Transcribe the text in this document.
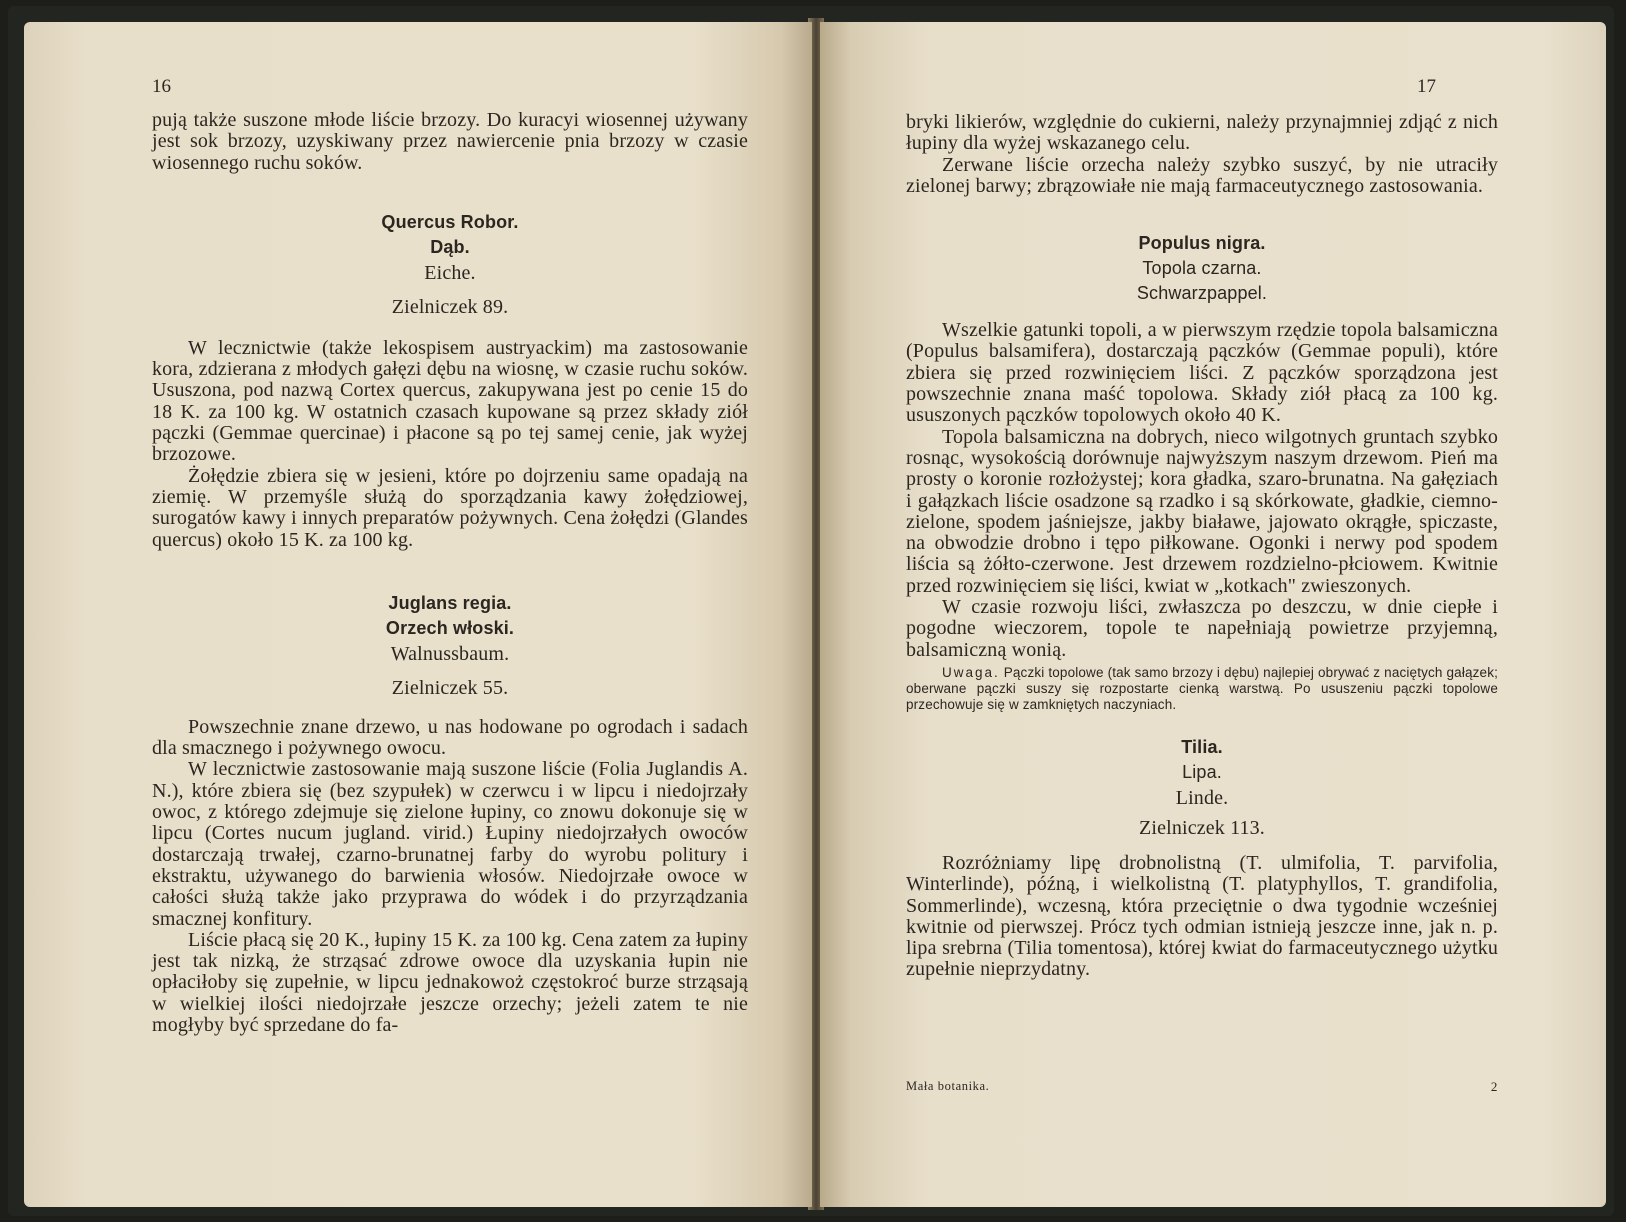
16

pują także suszone młode liście brzozy. Do kuracyi wiosennej używany jest sok brzozy, uzyskiwany przez nawiercenie pnia brzozy w czasie wiosennego ruchu soków.

Quercus Robor.
Dąb.
Eiche.
Zielniczek 89.

W lecznictwie (także lekospisem austryackim) ma zastosowanie kora, zdzierana z młodych gałęzi dębu na wiosnę, w czasie ruchu soków. Ususzona, pod nazwą Cortex quercus, zakupywana jest po cenie 15 do 18 K. za 100 kg. W ostatnich czasach kupowane są przez składy ziół pączki (Gemmae quercinae) i płacone są po tej samej cenie, jak wyżej brzozowe.

Żołędzie zbiera się w jesieni, które po dojrzeniu same opadają na ziemię. W przemyśle służą do sporządzania kawy żołędziowej, surogatów kawy i innych preparatów pożywnych. Cena żołędzi (Glandes quercus) około 15 K. za 100 kg.

Juglans regia.
Orzech włoski.
Walnussbaum.
Zielniczek 55.

Powszechnie znane drzewo, u nas hodowane po ogrodach i sadach dla smacznego i pożywnego owocu.

W lecznictwie zastosowanie mają suszone liście (Folia Juglandis A. N.), które zbiera się (bez szypułek) w czerwcu i w lipcu i niedojrzały owoc, z którego zdejmuje się zielone łupiny, co znowu dokonuje się w lipcu (Cortes nucum jugland. virid.) Łupiny niedojrzałych owoców dostarczają trwałej, czarno-brunatnej farby do wyrobu politury i ekstraktu, używanego do barwienia włosów. Niedojrzałe owoce w całości służą także jako przyprawa do wódek i do przyrządzania smacznej konfitury.

Liście płacą się 20 K., łupiny 15 K. za 100 kg. Cena zatem za łupiny jest tak nizką, że strząsać zdrowe owoce dla uzyskania łupin nie opłaciłoby się zupełnie, w lipcu jednakowoż częstokroć burze strząsają w wielkiej ilości niedojrzałe jeszcze orzechy; jeżeli zatem te nie mogłyby być sprzedane do fa-

17

bryki likierów, względnie do cukierni, należy przynajmniej zdjąć z nich łupiny dla wyżej wskazanego celu.

Zerwane liście orzecha należy szybko suszyć, by nie utraciły zielonej barwy; zbrązowiałe nie mają farmaceutycznego zastosowania.

Populus nigra.
Topola czarna.
Schwarzpappel.

Wszelkie gatunki topoli, a w pierwszym rzędzie topola balsamiczna (Populus balsamifera), dostarczają pączków (Gemmae populi), które zbiera się przed rozwinięciem liści. Z pączków sporządzona jest powszechnie znana maść topolowa. Składy ziół płacą za 100 kg. ususzonych pączków topolowych około 40 K.

Topola balsamiczna na dobrych, nieco wilgotnych gruntach szybko rosnąc, wysokością dorównuje najwyższym naszym drzewom. Pień ma prosty o koronie rozłożystej; kora gładka, szaro-brunatna. Na gałęziach i gałązkach liście osadzone są rzadko i są skórkowate, gładkie, ciemno-zielone, spodem jaśniejsze, jakby białawe, jajowato okrągłe, spiczaste, na obwodzie drobno i tępo piłkowane. Ogonki i nerwy pod spodem liścia są żółto-czerwone. Jest drzewem rozdzielno-płciowem. Kwitnie przed rozwinięciem się liści, kwiat w „kotkach" zwieszonych.

W czasie rozwoju liści, zwłaszcza po deszczu, w dnie ciepłe i pogodne wieczorem, topole te napełniają powietrze przyjemną, balsamiczną wonią.

Uwaga. Pączki topolowe (tak samo brzozy i dębu) najlepiej obrywać z naciętych gałązek; oberwane pączki suszy się rozpostarte cienką warstwą. Po ususzeniu pączki topolowe przechowuje się w zamkniętych naczyniach.
Tilia.
Lipa.
Linde.
Zielniczek 113.

Rozróżniamy lipę drobnolistną (T. ulmifolia, T. parvifolia, Winterlinde), późną, i wielkolistną (T. platyphyllos, T. grandifolia, Sommerlinde), wczesną, która przeciętnie o dwa tygodnie wcześniej kwitnie od pierwszej. Prócz tych odmian istnieją jeszcze inne, jak n. p. lipa srebrna (Tilia tomentosa), której kwiat do farmaceutycznego użytku zupełnie nieprzydatny.

Mała botanika.	2
